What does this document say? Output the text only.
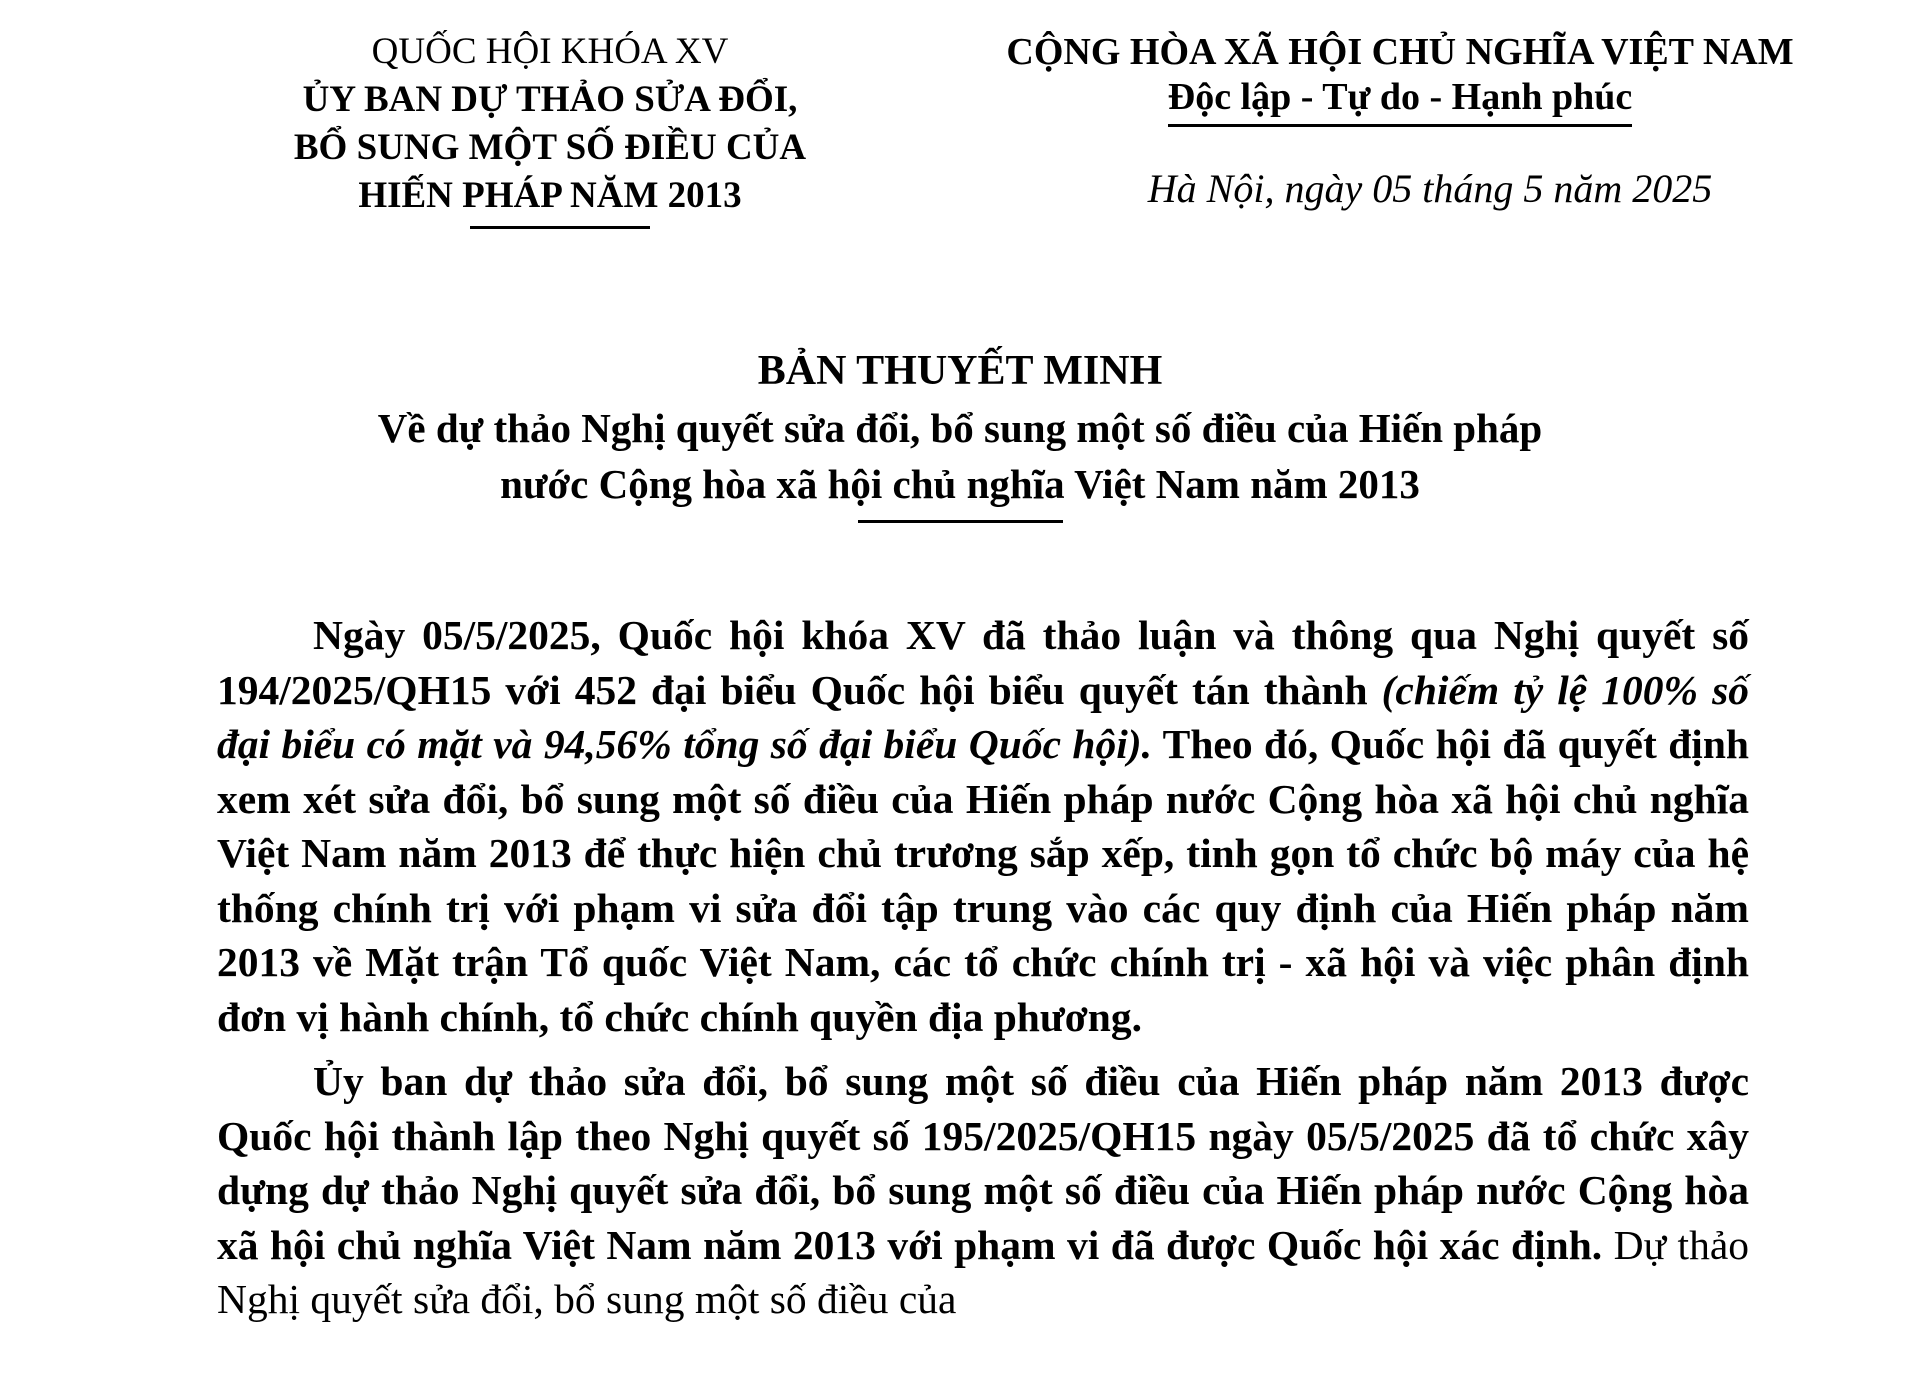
QUỐC HỘI KHÓA XV
ỦY BAN DỰ THẢO SỬA ĐỔI,
BỔ SUNG MỘT SỐ ĐIỀU CỦA
HIẾN PHÁP NĂM 2013
CỘNG HÒA XÃ HỘI CHỦ NGHĨA VIỆT NAM
Độc lập - Tự do - Hạnh phúc
Hà Nội, ngày 05 tháng 5 năm 2025
BẢN THUYẾT MINH
Về dự thảo Nghị quyết sửa đổi, bổ sung một số điều của Hiến pháp
nước Cộng hòa xã hội chủ nghĩa Việt Nam năm 2013

Ngày 05/5/2025, Quốc hội khóa XV đã thảo luận và thông qua Nghị quyết số 194/2025/QH15 với 452 đại biểu Quốc hội biểu quyết tán thành (chiếm tỷ lệ 100% số đại biểu có mặt và 94,56% tổng số đại biểu Quốc hội). Theo đó, Quốc hội đã quyết định xem xét sửa đổi, bổ sung một số điều của Hiến pháp nước Cộng hòa xã hội chủ nghĩa Việt Nam năm 2013 để thực hiện chủ trương sắp xếp, tinh gọn tổ chức bộ máy của hệ thống chính trị với phạm vi sửa đổi tập trung vào các quy định của Hiến pháp năm 2013 về Mặt trận Tổ quốc Việt Nam, các tổ chức chính trị - xã hội và việc phân định đơn vị hành chính, tổ chức chính quyền địa phương.

Ủy ban dự thảo sửa đổi, bổ sung một số điều của Hiến pháp năm 2013 được Quốc hội thành lập theo Nghị quyết số 195/2025/QH15 ngày 05/5/2025 đã tổ chức xây dựng dự thảo Nghị quyết sửa đổi, bổ sung một số điều của Hiến pháp nước Cộng hòa xã hội chủ nghĩa Việt Nam năm 2013 với phạm vi đã được Quốc hội xác định. Dự thảo Nghị quyết sửa đổi, bổ sung một số điều của
